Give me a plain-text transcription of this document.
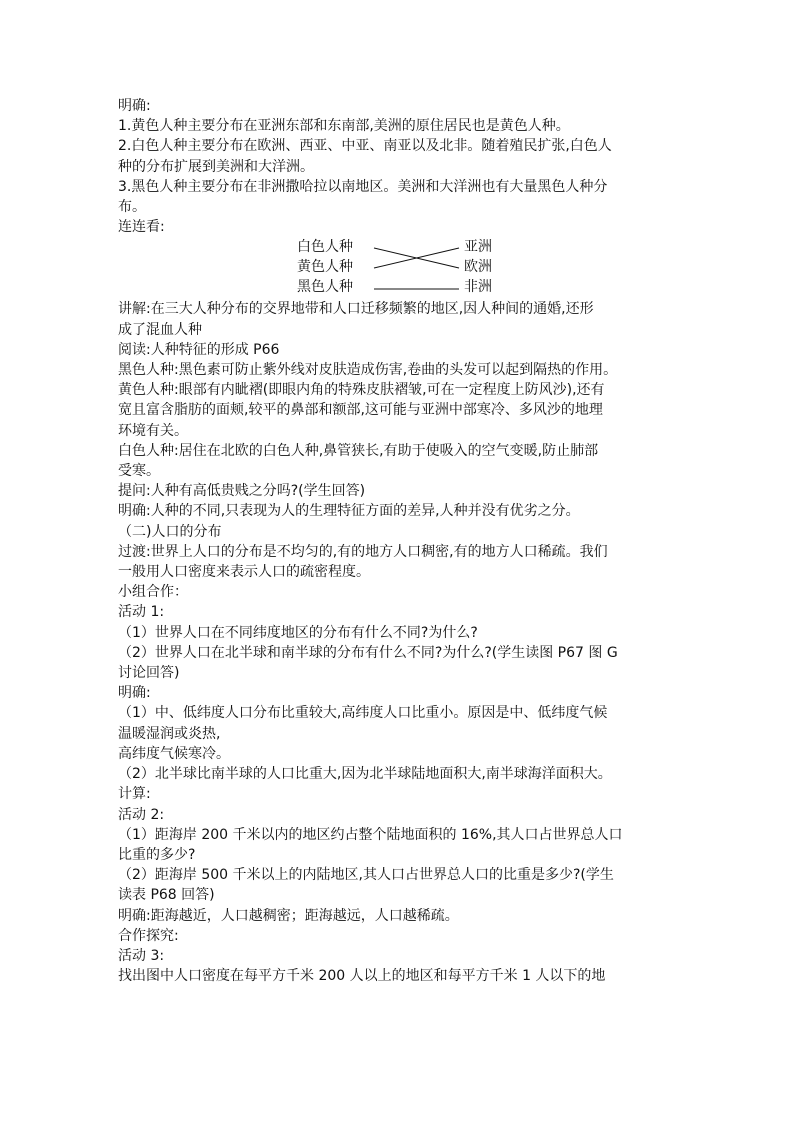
明确:

1.黄色人种主要分布在亚洲东部和东南部,美洲的原住居民也是黄色人种。

2.白色人种主要分布在欧洲、西亚、中亚、南亚以及北非。随着殖民扩张,白色人

种的分布扩展到美洲和大洋洲。

3.黑色人种主要分布在非洲撒哈拉以南地区。美洲和大洋洲也有大量黑色人种分

布。

连连看:

白色人种
黄色人种
黑色人种
亚洲
欧洲
非洲

讲解:在三大人种分布的交界地带和人口迁移频繁的地区,因人种间的通婚,还形

成了混血人种

阅读:人种特征的形成 P66

黑色人种:黑色素可防止紫外线对皮肤造成伤害,卷曲的头发可以起到隔热的作用。

黄色人种:眼部有内眦褶(即眼内角的特殊皮肤褶皱,可在一定程度上防风沙),还有

宽且富含脂肪的面颊,较平的鼻部和额部,这可能与亚洲中部寒冷、多风沙的地理

环境有关。

白色人种:居住在北欧的白色人种,鼻管狭长,有助于使吸入的空气变暖,防止肺部

受寒。

提问:人种有高低贵贱之分吗?(学生回答)

明确:人种的不同,只表现为人的生理特征方面的差异,人种并没有优劣之分。

（二)人口的分布

过渡:世界上人口的分布是不均匀的,有的地方人口稠密,有的地方人口稀疏。我们

一般用人口密度来表示人口的疏密程度。

小组合作：

活动 1:

（1）世界人口在不同纬度地区的分布有什么不同?为什么?

（2）世界人口在北半球和南半球的分布有什么不同?为什么?(学生读图 P67 图 G

讨论回答)

明确:

（1）中、低纬度人口分布比重较大,高纬度人口比重小。原因是中、低纬度气候

温暖湿润或炎热,

高纬度气候寒冷。

（2）北半球比南半球的人口比重大,因为北半球陆地面积大,南半球海洋面积大。

计算:

活动 2:

（1）距海岸 200 千米以内的地区约占整个陆地面积的 16%,其人口占世界总人口

比重的多少?

（2）距海岸 500 千米以上的内陆地区,其人口占世界总人口的比重是多少?(学生

读表 P68 回答)

明确:距海越近，人口越稠密；距海越远，人口越稀疏。

合作探究:

活动 3:

找出图中人口密度在每平方千米 200 人以上的地区和每平方千米 1 人以下的地
